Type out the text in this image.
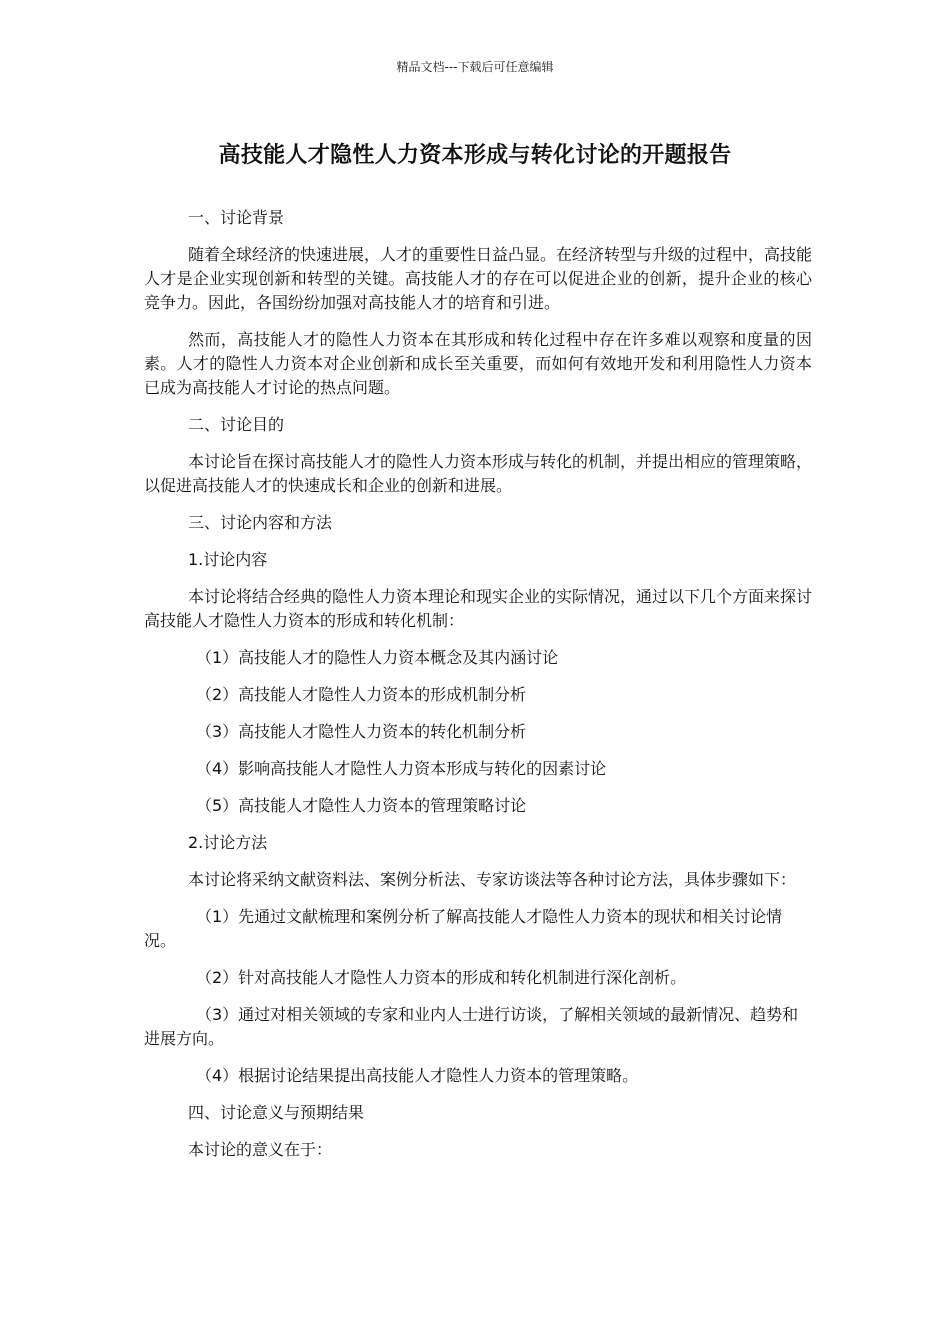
精品文档---下载后可任意编辑
高技能人才隐性人力资本形成与转化讨论的开题报告

一、讨论背景

随着全球经济的快速进展，人才的重要性日益凸显。在经济转型与升级的过程中，高技能人才是企业实现创新和转型的关键。高技能人才的存在可以促进企业的创新，提升企业的核心竞争力。因此，各国纷纷加强对高技能人才的培育和引进。

然而，高技能人才的隐性人力资本在其形成和转化过程中存在许多难以观察和度量的因素。人才的隐性人力资本对企业创新和成长至关重要，而如何有效地开发和利用隐性人力资本已成为高技能人才讨论的热点问题。

二、讨论目的

本讨论旨在探讨高技能人才的隐性人力资本形成与转化的机制，并提出相应的管理策略，以促进高技能人才的快速成长和企业的创新和进展。

三、讨论内容和方法

1.讨论内容

本讨论将结合经典的隐性人力资本理论和现实企业的实际情况，通过以下几个方面来探讨高技能人才隐性人力资本的形成和转化机制：

（1）高技能人才的隐性人力资本概念及其内涵讨论

（2）高技能人才隐性人力资本的形成机制分析

（3）高技能人才隐性人力资本的转化机制分析

（4）影响高技能人才隐性人力资本形成与转化的因素讨论

（5）高技能人才隐性人力资本的管理策略讨论

2.讨论方法

本讨论将采纳文献资料法、案例分析法、专家访谈法等各种讨论方法，具体步骤如下：

（1）先通过文献梳理和案例分析了解高技能人才隐性人力资本的现状和相关讨论情况。

（2）针对高技能人才隐性人力资本的形成和转化机制进行深化剖析。

（3）通过对相关领域的专家和业内人士进行访谈，了解相关领域的最新情况、趋势和进展方向。

（4）根据讨论结果提出高技能人才隐性人力资本的管理策略。

四、讨论意义与预期结果

本讨论的意义在于：
